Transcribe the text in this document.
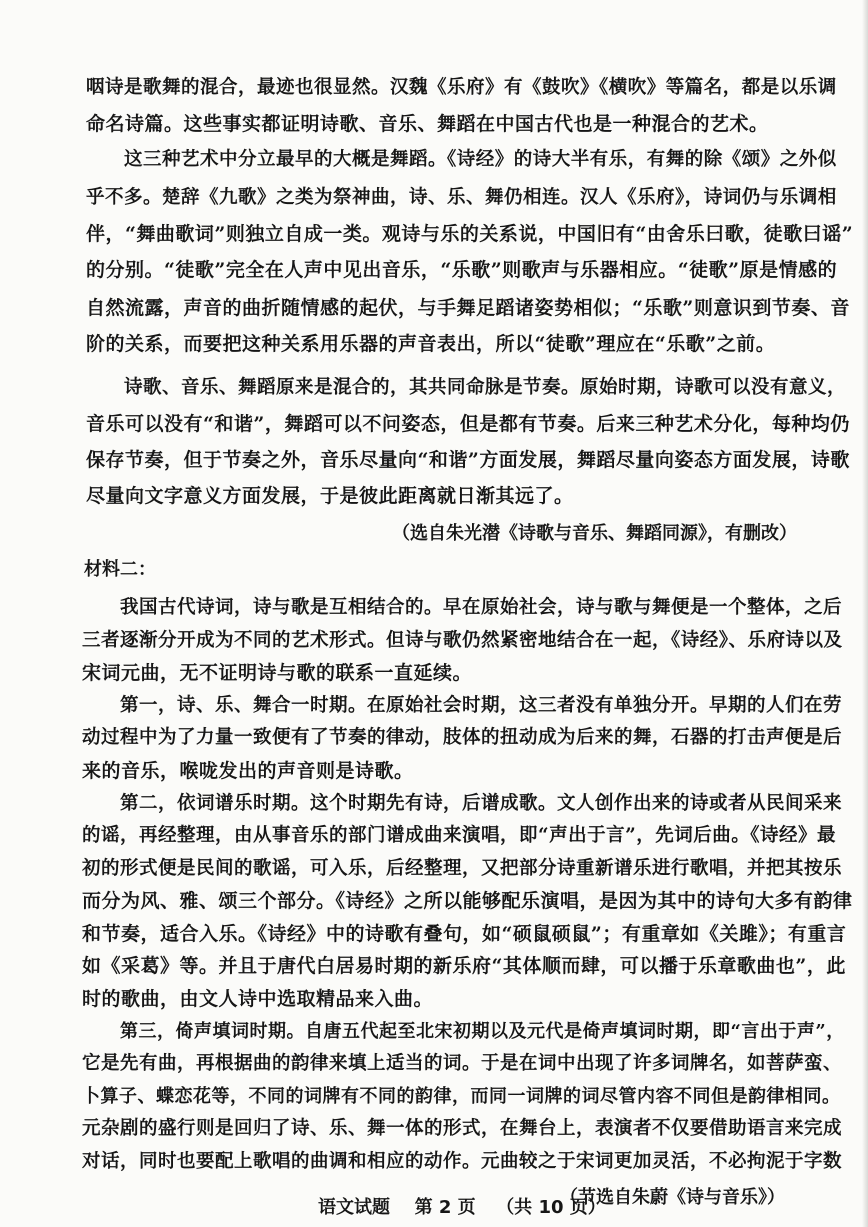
咽诗是歌舞的混合，最迹也很显然。汉魏《乐府》有《鼓吹》《横吹》等篇名，都是以乐调
命名诗篇。这些事实都证明诗歌、音乐、舞蹈在中国古代也是一种混合的艺术。
这三种艺术中分立最早的大概是舞蹈。《诗经》的诗大半有乐，有舞的除《颂》之外似
乎不多。楚辞《九歌》之类为祭神曲，诗、乐、舞仍相连。汉人《乐府》，诗词仍与乐调相
伴，“舞曲歌词”则独立自成一类。观诗与乐的关系说，中国旧有“由舍乐曰歌，徒歌曰谣”
的分别。“徒歌”完全在人声中见出音乐，“乐歌”则歌声与乐器相应。“徒歌”原是情感的
自然流露，声音的曲折随情感的起伏，与手舞足蹈诸姿势相似；“乐歌”则意识到节奏、音
阶的关系，而要把这种关系用乐器的声音表出，所以“徒歌”理应在“乐歌”之前。
诗歌、音乐、舞蹈原来是混合的，其共同命脉是节奏。原始时期，诗歌可以没有意义，
音乐可以没有“和谐”，舞蹈可以不问姿态，但是都有节奏。后来三种艺术分化，每种均仍
保存节奏，但于节奏之外，音乐尽量向“和谐”方面发展，舞蹈尽量向姿态方面发展，诗歌
尽量向文字意义方面发展，于是彼此距离就日渐其远了。
（选自朱光潜《诗歌与音乐、舞蹈同源》，有删改）
材料二：
我国古代诗词，诗与歌是互相结合的。早在原始社会，诗与歌与舞便是一个整体，之后
三者逐渐分开成为不同的艺术形式。但诗与歌仍然紧密地结合在一起，《诗经》、乐府诗以及
宋词元曲，无不证明诗与歌的联系一直延续。
第一，诗、乐、舞合一时期。在原始社会时期，这三者没有单独分开。早期的人们在劳
动过程中为了力量一致便有了节奏的律动，肢体的扭动成为后来的舞，石器的打击声便是后
来的音乐，喉咙发出的声音则是诗歌。
第二，依词谱乐时期。这个时期先有诗，后谱成歌。文人创作出来的诗或者从民间采来
的谣，再经整理，由从事音乐的部门谱成曲来演唱，即“声出于言”，先词后曲。《诗经》最
初的形式便是民间的歌谣，可入乐，后经整理，又把部分诗重新谱乐进行歌唱，并把其按乐
而分为风、雅、颂三个部分。《诗经》之所以能够配乐演唱，是因为其中的诗句大多有韵律
和节奏，适合入乐。《诗经》中的诗歌有叠句，如“硕鼠硕鼠”；有重章如《关雎》；有重言
如《采葛》等。并且于唐代白居易时期的新乐府“其体顺而肆，可以播于乐章歌曲也”，此
时的歌曲，由文人诗中选取精品来入曲。
第三，倚声填词时期。自唐五代起至北宋初期以及元代是倚声填词时期，即“言出于声”，
它是先有曲，再根据曲的韵律来填上适当的词。于是在词中出现了许多词牌名，如菩萨蛮、
卜算子、蝶恋花等，不同的词牌有不同的韵律，而同一词牌的词尽管内容不同但是韵律相同。
元杂剧的盛行则是回归了诗、乐、舞一体的形式，在舞台上，表演者不仅要借助语言来完成
对话，同时也要配上歌唱的曲调和相应的动作。元曲较之于宋词更加灵活，不必拘泥于字数
语文试题 第 2 页 （共 10 页）
（节选自朱蔚《诗与音乐》）
